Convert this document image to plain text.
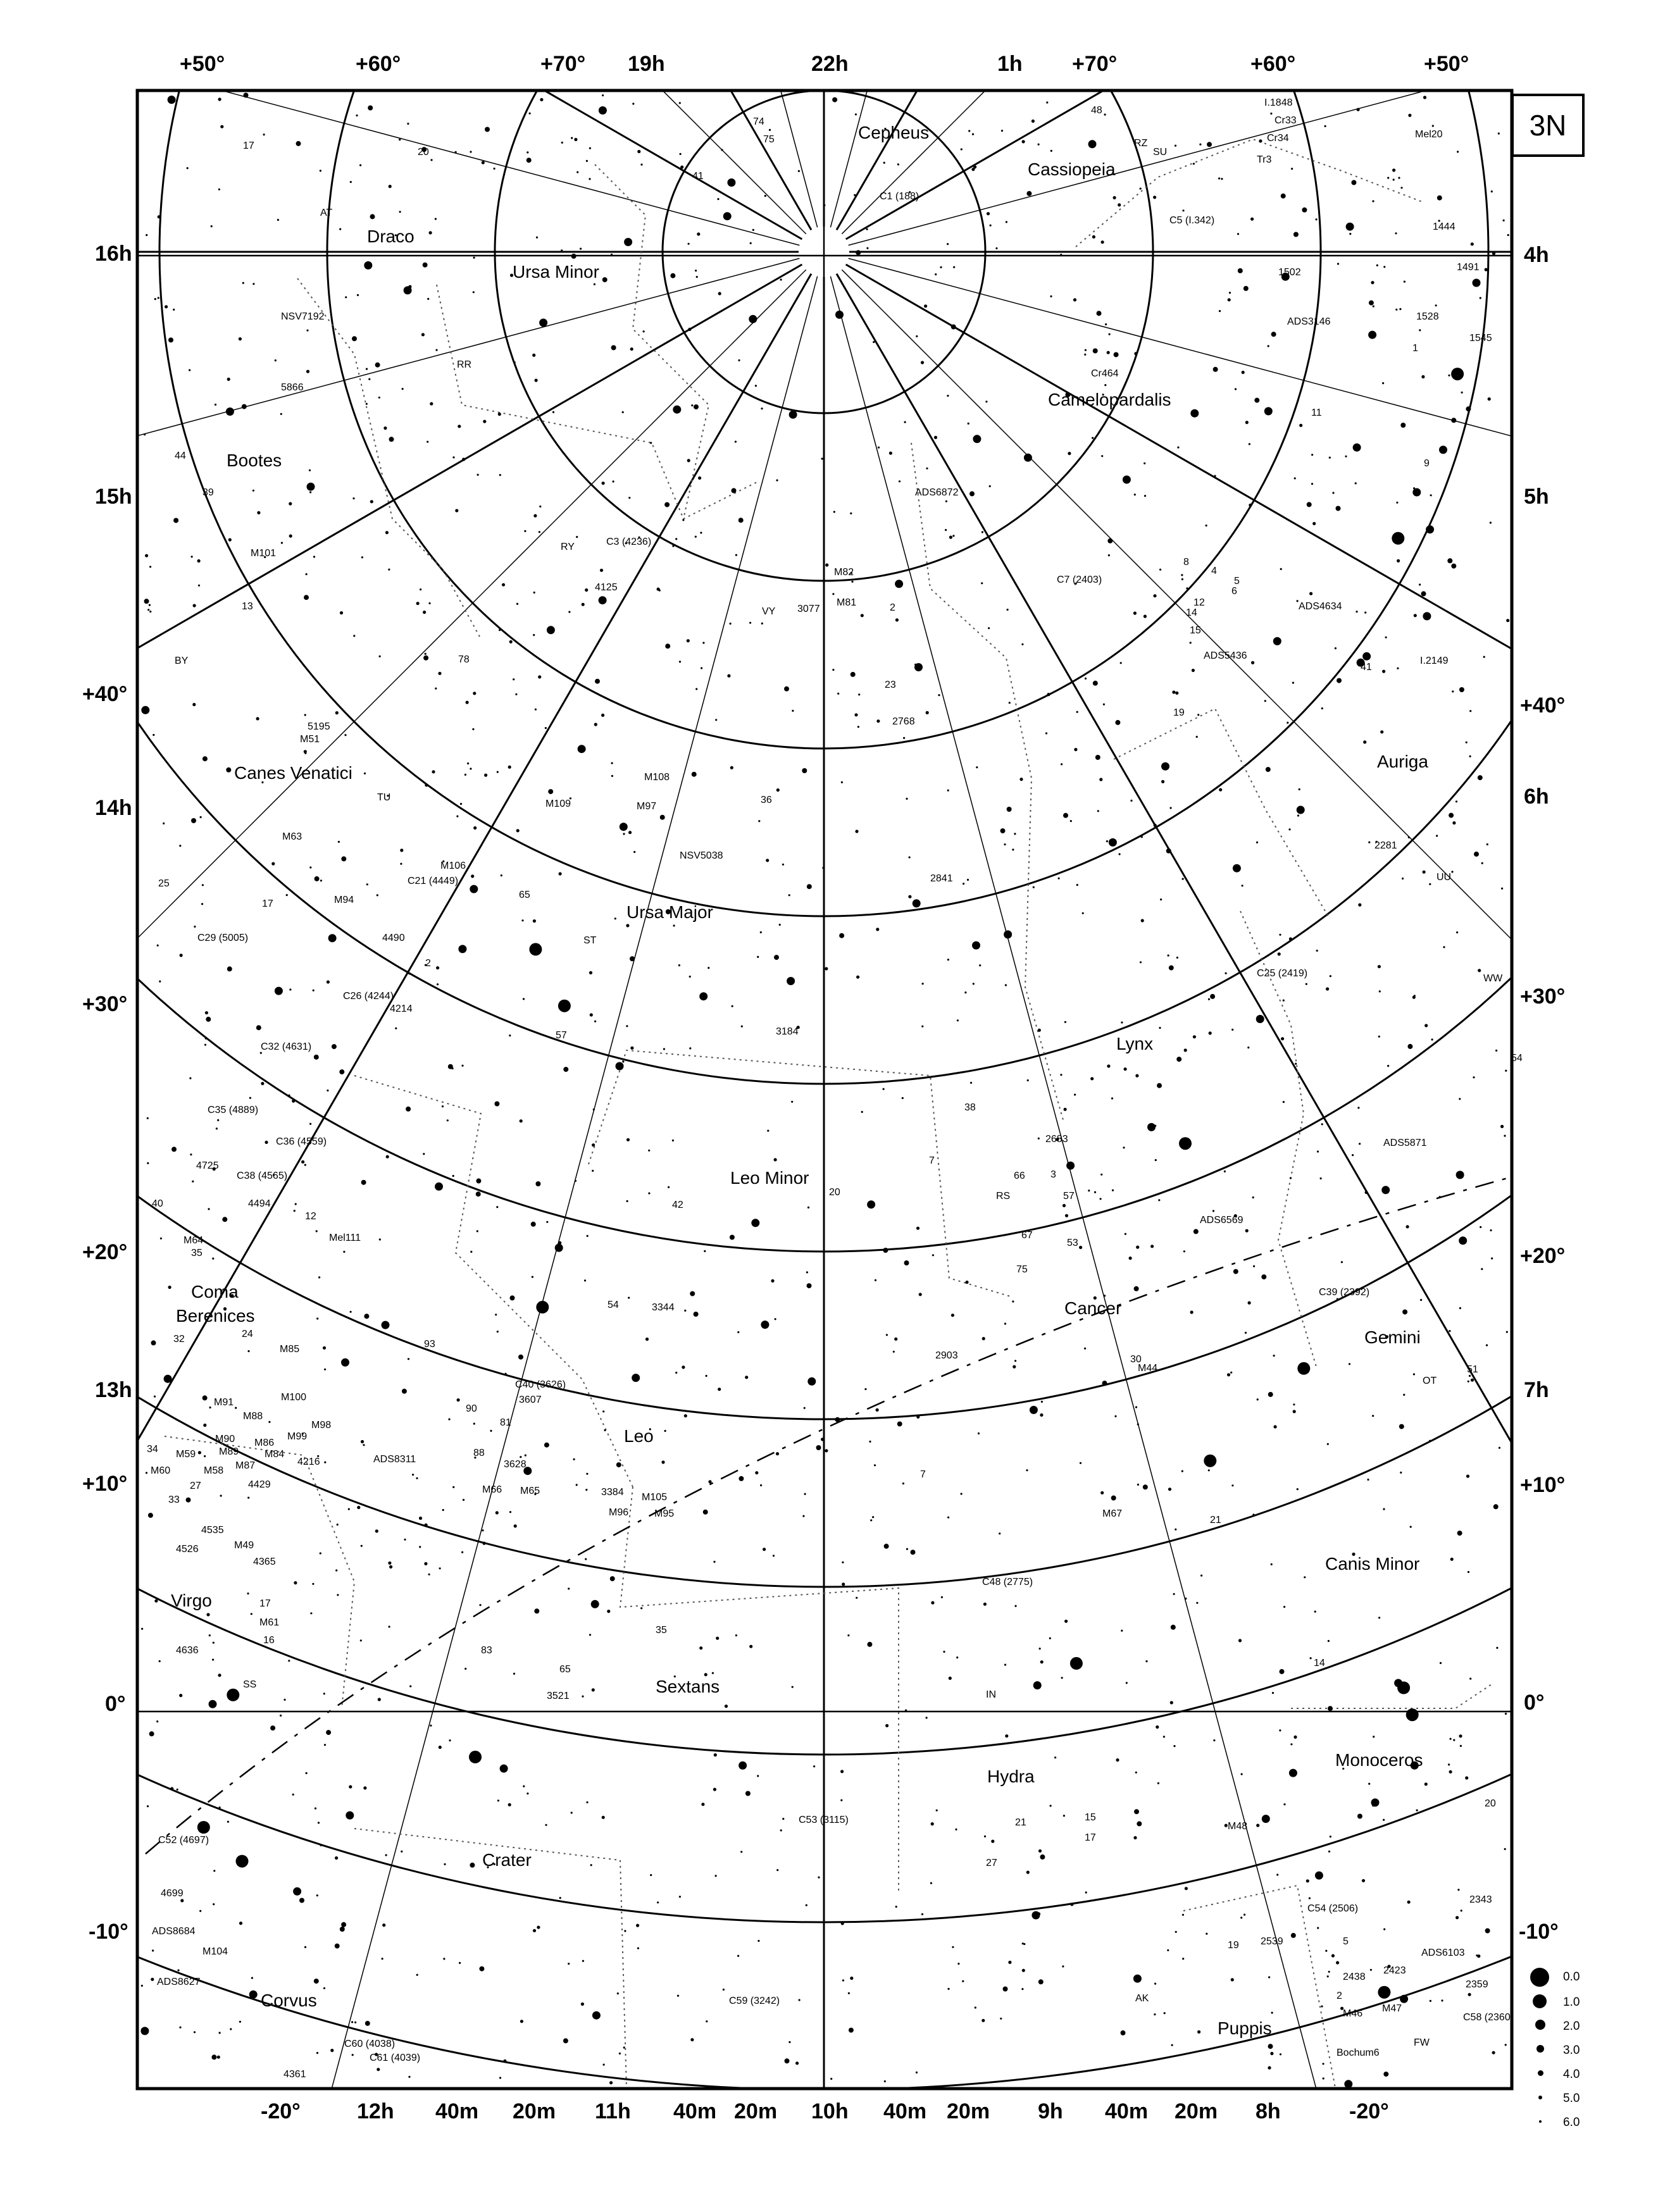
3N
+50°	+60°	+70° 19h	22h	1h +70°	+60°	+50°
-20°	12h 40m 20m 11h 40m 20m 10h 40m 20m 9h 40m 20m 8h	-20°
16h
15h
+40°
14h
+30°
+20°
13h
+10°
0°
-10°
4h
5h
+40°
6h
+30°
+20°
7h
+10°
0°
-10°
Cepheus
Cassiopeia
Draco
Ursa Minor
Camelopardalis
Bootes
Canes Venatici
Ursa Major
Auriga
Lynx
Leo Minor
Coma
Berenices	Cancer
Gemini
Leo
Canis Minor
Virgo
Sextans
Hydra
Monoceros
Crater
Corvus
Puppis
M101
M51
5195
M63
M94
M106
C21 (4449)
4490
C29 (5005)
C26 (4244)
4214
C32 (4631)
C35 (4889)
C36 (4559)
4725
C38 (4565)
4494
Mel111
M64
M85
M91	M100
M88
M98
M90 M86
M99
M59 M89	M84
4216
M60	M58 M87
4429
4535
M49
4526
4365
M61
4636
C52 (4697)
4699
ADS8684
M104
ADS8627
C60 (4038)
C61 (4039)
4361
M108
M97
M109
NSV5038
3184
2841
M81
M82
3077
ADS6872
C7 (2403)
2768
C3 (4236)
4125
NSV7192
5866
C1 (188)
C5 (I.342)
I.1848
Cr33
Cr34
Tr3
Mel20
1444
1491
1502
1528
1545
ADS3146
Cr464
ADS4634
ADS5436	I.2149
2281
C25 (2419)
ADS5871
2683
ADS6569
C39 (2392)
M44
2903
3344
C40 (3626)
3607
ADS8311	3628
M66 M65	3384 M105
M96	M95	M67
C48 (2775)
3521
C53 (3115)
M48
C54 (2506)
2343
2539
ADS6103
2438
2423
M46 M47
2359
C58 (2360)
C59 (3242)
Bochum6
FW
RR
RY
VY
TU
ST
RS
OT
UU
WW
SS
IN
AK
BY
AT
RZ
SU
17
20
41
74
75
48
44
39
13
78
25
17
2
65
57
36
23
2
1
11
9
8
4
5
6
12
14
15
19
41
40
35
12
24
32
27
33
34
16
17
42
20
38
7
57
53
75
67
66
54
93
90
81
88
21
7
35
83
65
21	15
17
27
14
20
19
2
5
30
51
54
3
0.0
1.0
2.0
3.0
4.0
5.0
6.0
